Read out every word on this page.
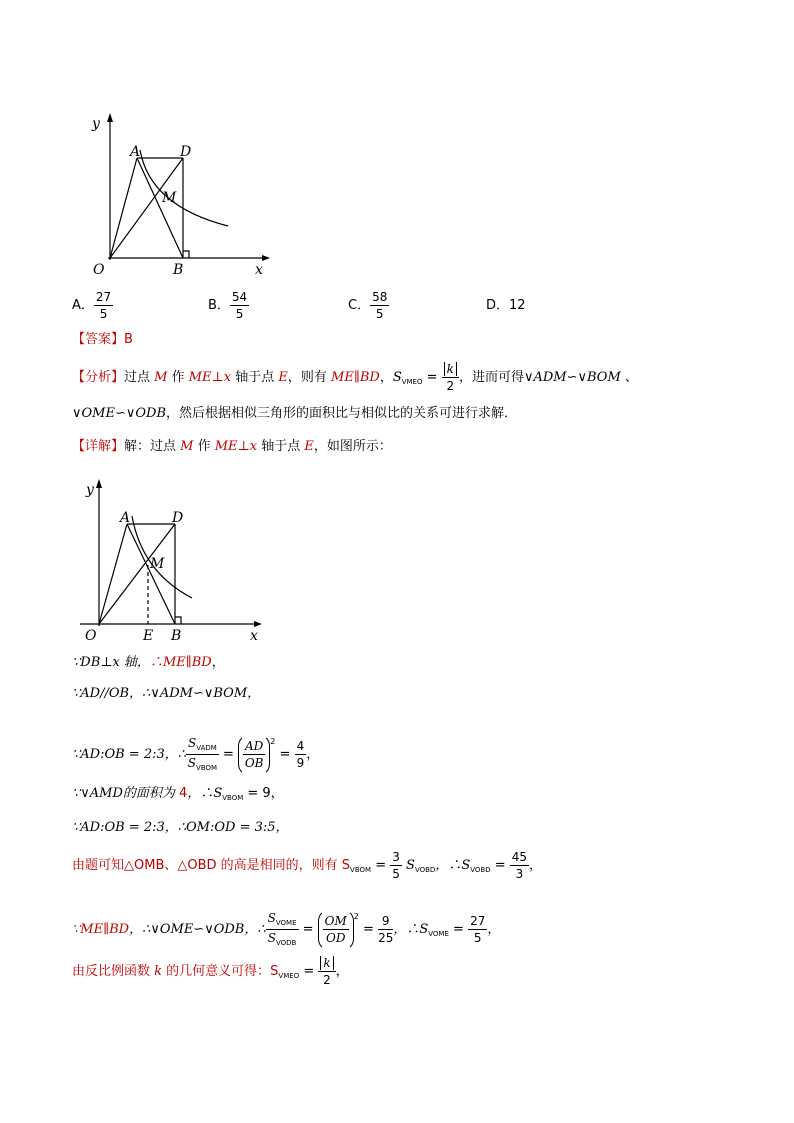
y
A	D
M
O	B	x
A． $\frac{27}{5}$	B． $\frac{54}{5}$	C． $\frac{58}{5}$	D．12
【答案】B
【分析】过点 M 作 ME⊥x 轴于点 E，则有 ME∥BD，$S_{VMEO} = \frac{k}{2}$ ，进而可得∨ADM∽∨BOM 、
∨OME∽∨ODB，然后根据相似三角形的面积比与相似比的关系可进行求解．
【详解】解：过点 M 作 ME⊥x 轴于点 E，如图所示：
y
A	D
M
O	E B	x
∵DB⊥x 轴，∴ME∥BD，
∵AD//OB，∴∨ADM∽∨BOM，
∵AD:OB = 2:3，∴ $\frac{S_{VADM}}{S_{VBOM}} = \frac{AD}{OB} ^2 = \frac{4}{9}$ ，
∵∨AMD的面积为 4，$\therefore S_{VBOM} = 9$，
∵AD:OB = 2:3，∴OM:OD = 3:5，
由题可知△OMB、△OBD 的高是相同的，则有 $S_{VBOM} = \frac{3}{5} S_{VOBD}$，$\therefore S_{VOBD} = \frac{45}{3}$ ，
∵ME∥BD，∴∨OME∽∨ODB，∴ $\frac{S_{VOME}}{S_{VODB}} = \frac{OM}{OD} ^2 = \frac{9}{25}$ ，$\therefore S_{VOME} = \frac{27}{5}$ ，
由反比例函数 k 的几何意义可得：$S_{VMEO} = \frac{k}{2}$ ，
